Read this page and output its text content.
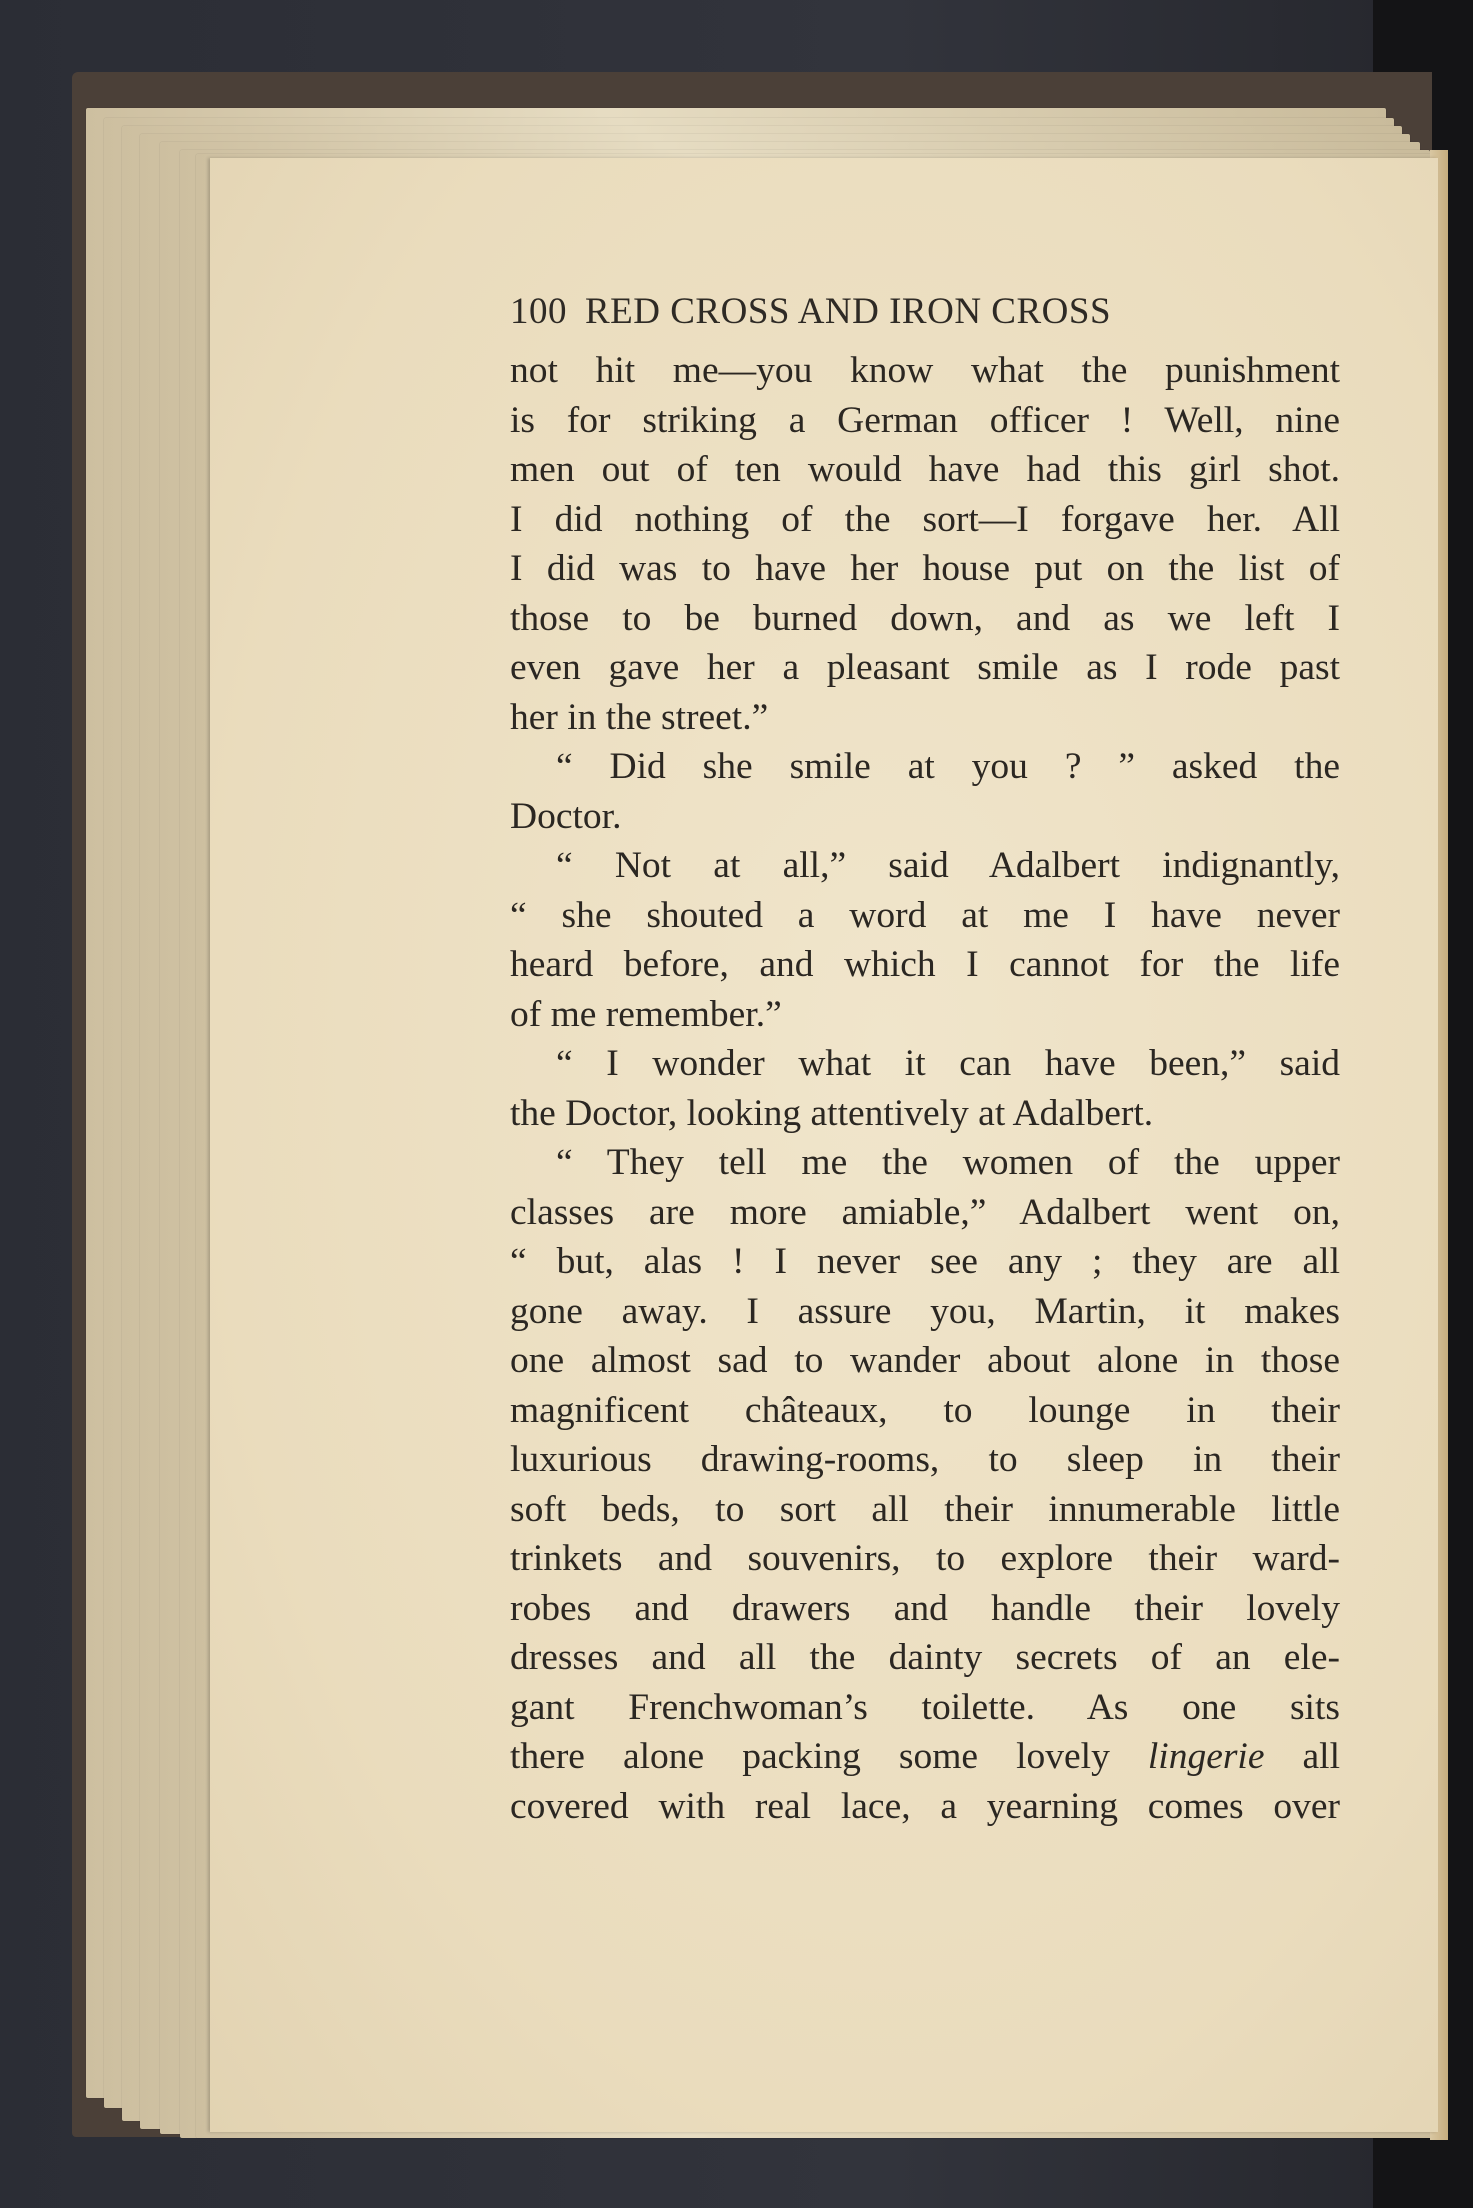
100 RED CROSS AND IRON CROSS
not hit me—you know what the punishment
is for striking a German officer ! Well, nine
men out of ten would have had this girl shot.
I did nothing of the sort—I forgave her. All
I did was to have her house put on the list of
those to be burned down, and as we left I
even gave her a pleasant smile as I rode past
her in the street.”
“ Did she smile at you ? ” asked the
Doctor.
“ Not at all,” said Adalbert indignantly,
“ she shouted a word at me I have never
heard before, and which I cannot for the life
of me remember.”
“ I wonder what it can have been,” said
the Doctor, looking attentively at Adalbert.
“ They tell me the women of the upper
classes are more amiable,” Adalbert went on,
“ but, alas ! I never see any ; they are all
gone away. I assure you, Martin, it makes
one almost sad to wander about alone in those
magnificent châteaux, to lounge in their
luxurious drawing-rooms, to sleep in their
soft beds, to sort all their innumerable little
trinkets and souvenirs, to explore their ward-
robes and drawers and handle their lovely
dresses and all the dainty secrets of an ele-
gant Frenchwoman’s toilette. As one sits
there alone packing some lovely lingerie all
covered with real lace, a yearning comes over
